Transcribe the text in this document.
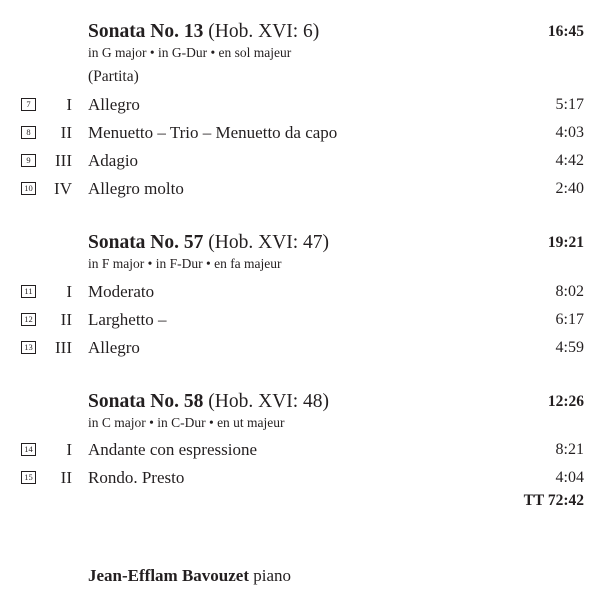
Sonata No. 13 (Hob. XVI: 6)	16:45
in G major • in G-Dur • en sol majeur
(Partita)
7	I Allegro	5:17
8	II Menuetto – Trio – Menuetto da capo	4:03
9	III Adagio	4:42
10 IV Allegro molto	2:40
Sonata No. 57 (Hob. XVI: 47)	19:21
in F major • in F-Dur • en fa majeur
11 I Moderato	8:02
12 II Larghetto –	6:17
13 III Allegro	4:59
Sonata No. 58 (Hob. XVI: 48)	12:26
in C major • in C-Dur • en ut majeur
14 I Andante con espressione	8:21
15 II Rondo. Presto	4:04
TT 72:42
Jean-Efflam Bavouzet piano
